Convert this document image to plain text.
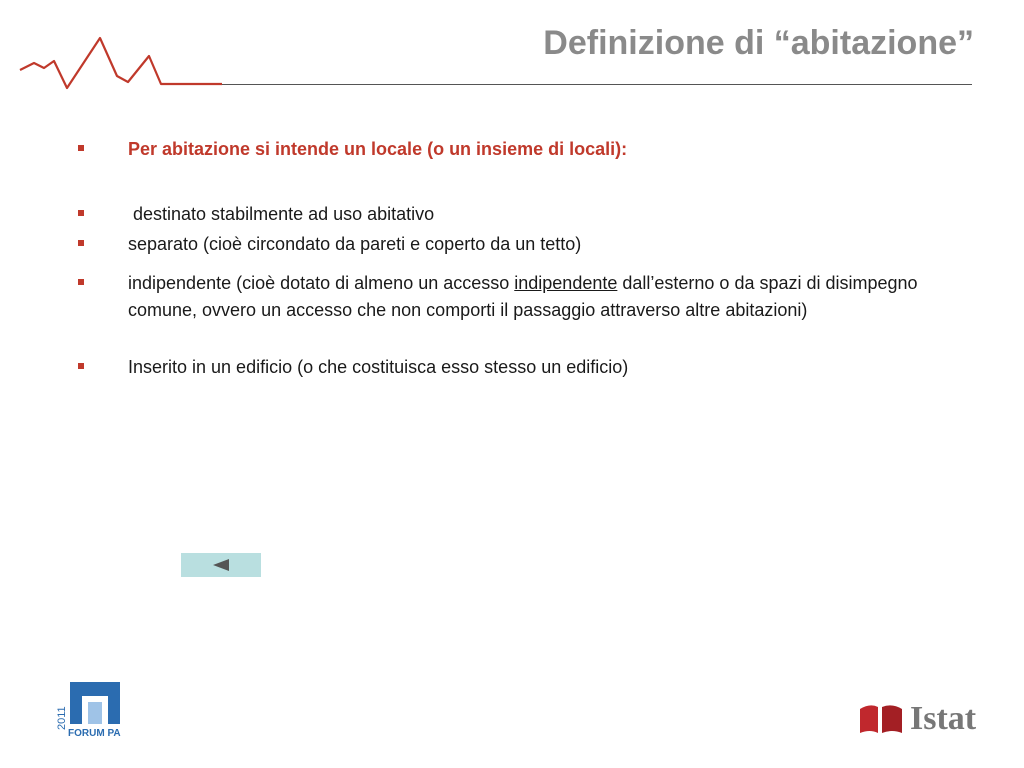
Definizione di “abitazione”
Per abitazione si intende un locale (o un insieme di locali):
destinato stabilmente ad uso abitativo
separato (cioè circondato da pareti e coperto da un tetto)
indipendente (cioè dotato di almeno un accesso indipendente dall’esterno o da spazi di disimpegno comune, ovvero un accesso che non comporti il passaggio attraverso altre abitazioni)
Inserito in un edificio (o che costituisca esso stesso un edificio)
2011
FORUM PA	Istat
